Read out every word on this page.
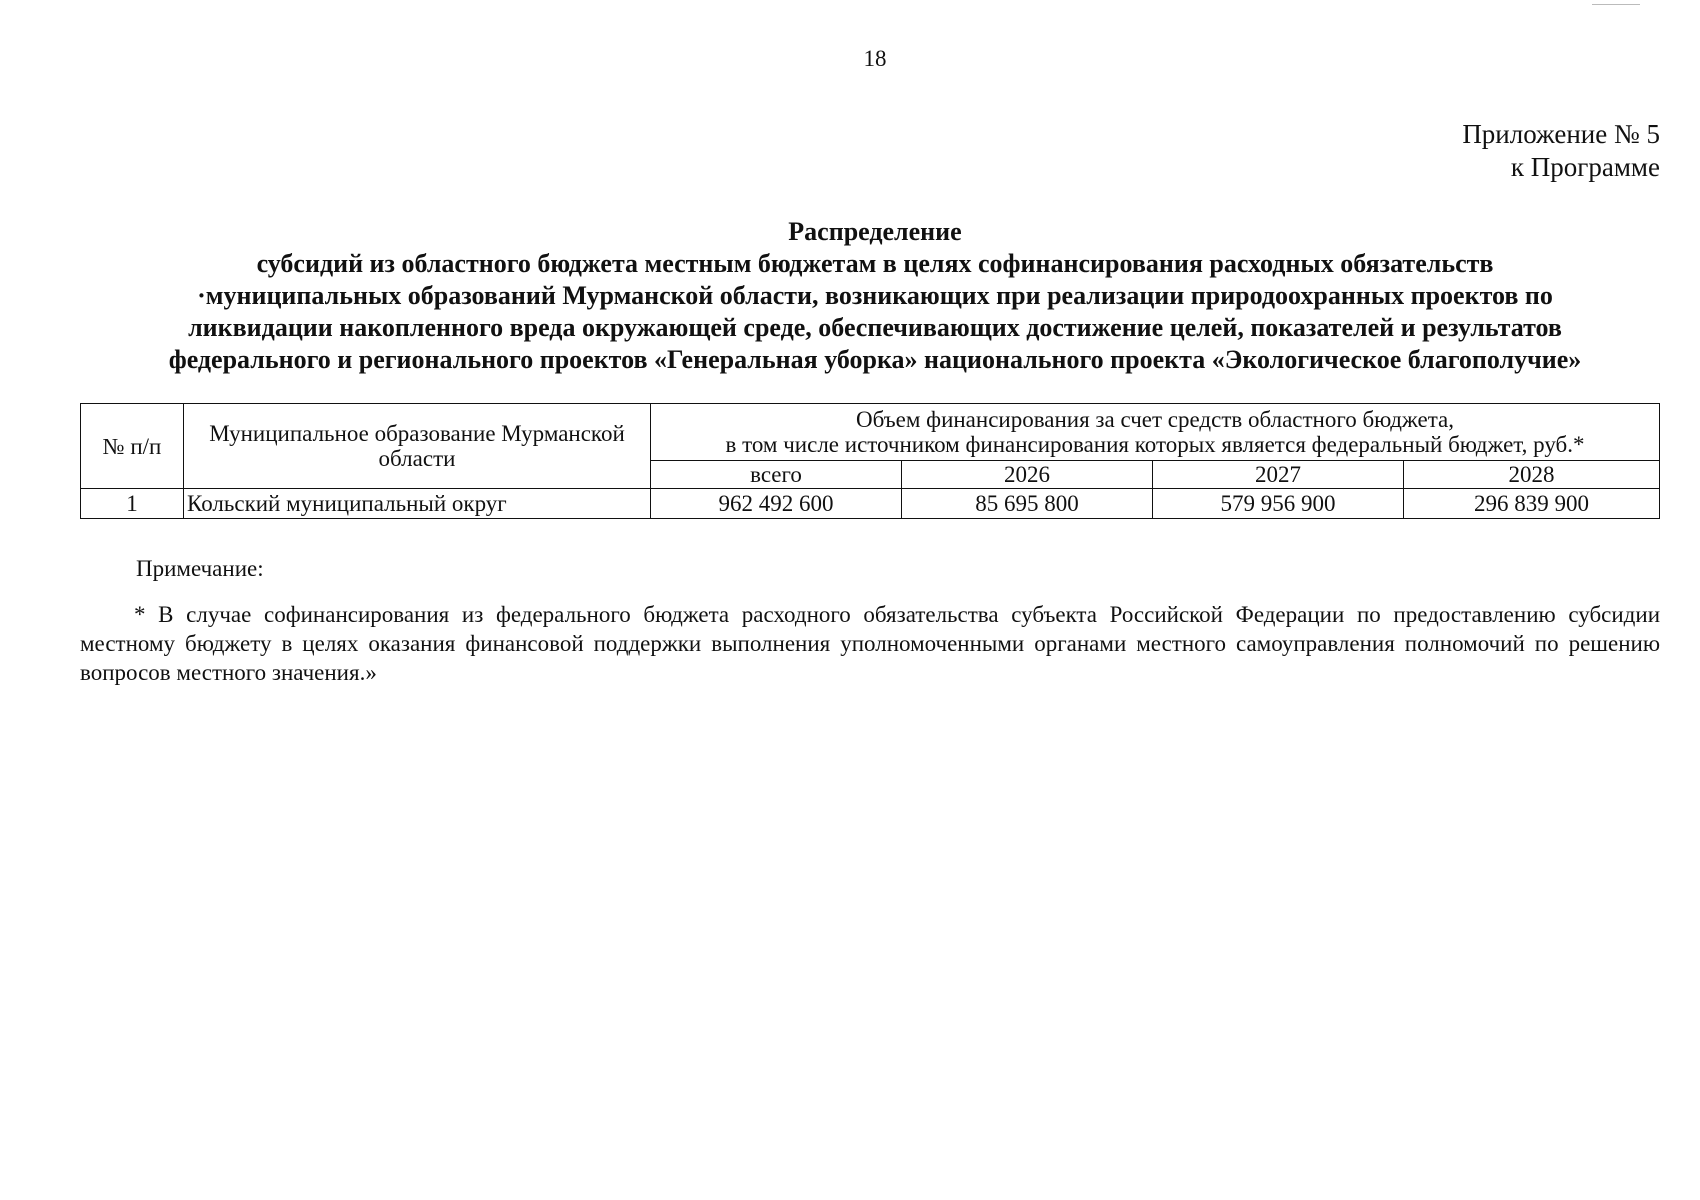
18
Приложение № 5
к Программе
Распределение
субсидий из областного бюджета местным бюджетам в целях софинансирования расходных обязательств
·муниципальных образований Мурманской области, возникающих при реализации природоохранных проектов по
ликвидации накопленного вреда окружающей среде, обеспечивающих достижение целей, показателей и результатов
федерального и регионального проектов «Генеральная уборка» национального проекта «Экологическое благополучие»
№ п/п	Муниципальное образование Мурманской области	Объем финансирования за счет средств областного бюджета,
в том числе источником финансирования которых является федеральный бюджет, руб.*			

		всего	2026	2027	2028
1	Кольский муниципальный округ	962 492 600	85 695 800	579 956 900	296 839 900
Примечание:
* В случае софинансирования из федерального бюджета расходного обязательства субъекта Российской Федерации по предоставлению субсидии местному бюджету в целях оказания финансовой поддержки выполнения уполномоченными органами местного самоуправления полномочий по решению вопросов местного значения.»
